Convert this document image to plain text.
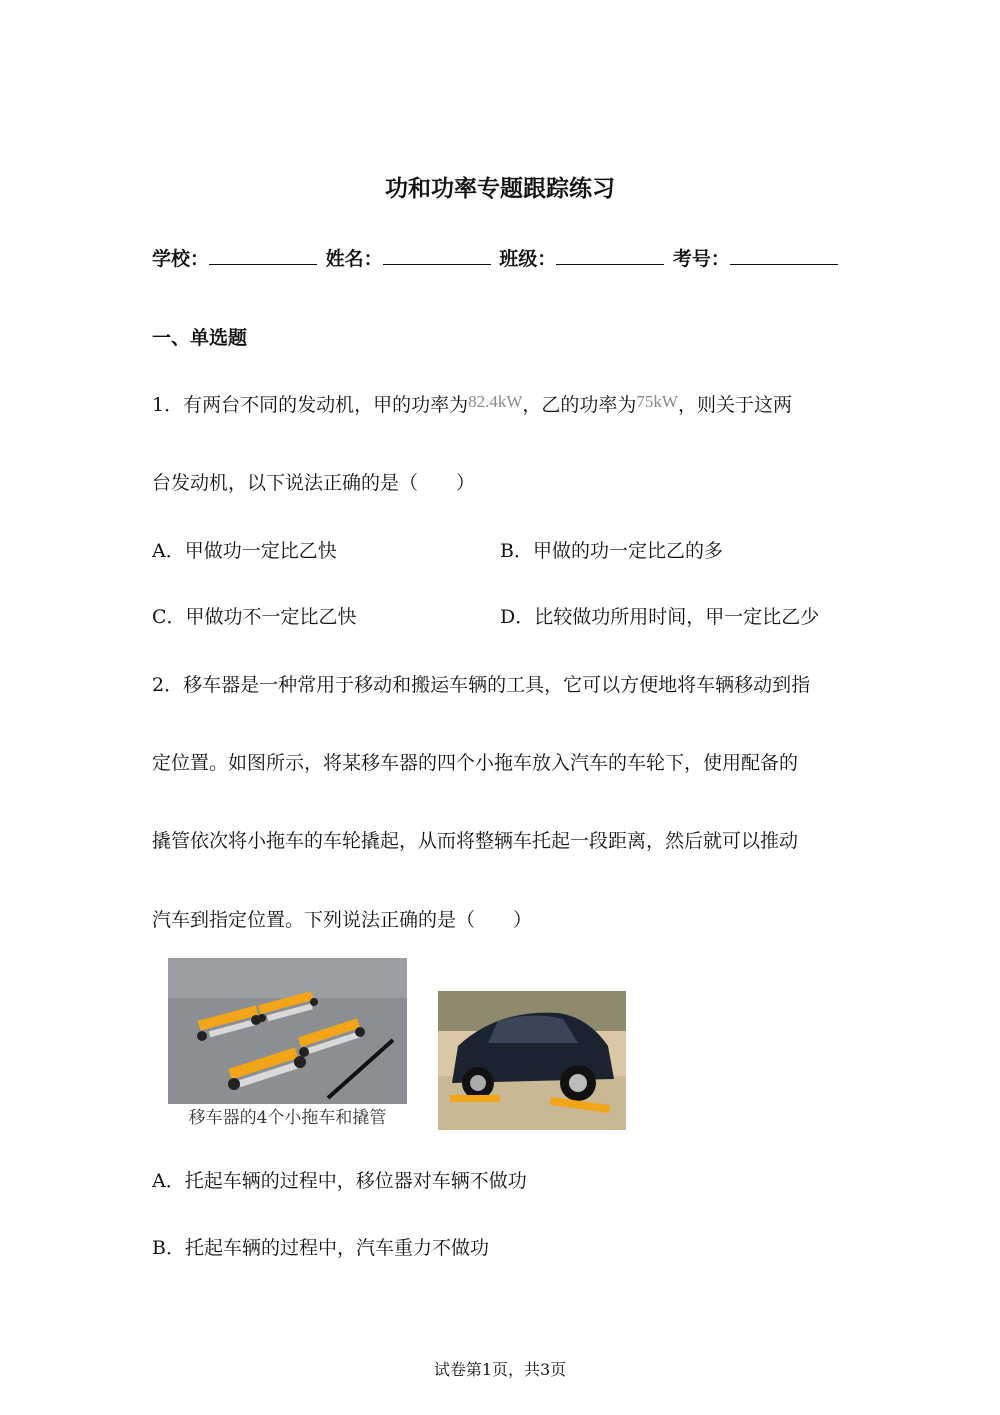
功和功率专题跟踪练习
学校：	姓名：	班级：	考号：
一、单选题
1．有两台不同的发动机，甲的功率为82.4kW，乙的功率为75kW，则关于这两
台发动机，以下说法正确的是（　　）
A．甲做功一定比乙快	B．甲做的功一定比乙的多
C．甲做功不一定比乙快	D．比较做功所用时间，甲一定比乙少
2．移车器是一种常用于移动和搬运车辆的工具，它可以方便地将车辆移动到指
定位置。如图所示，将某移车器的四个小拖车放入汽车的车轮下，使用配备的
撬管依次将小拖车的车轮撬起，从而将整辆车托起一段距离，然后就可以推动
汽车到指定位置。下列说法正确的是（　　）
移车器的4个小拖车和撬管
A．托起车辆的过程中，移位器对车辆不做功
B．托起车辆的过程中，汽车重力不做功
试卷第1页，共3页
